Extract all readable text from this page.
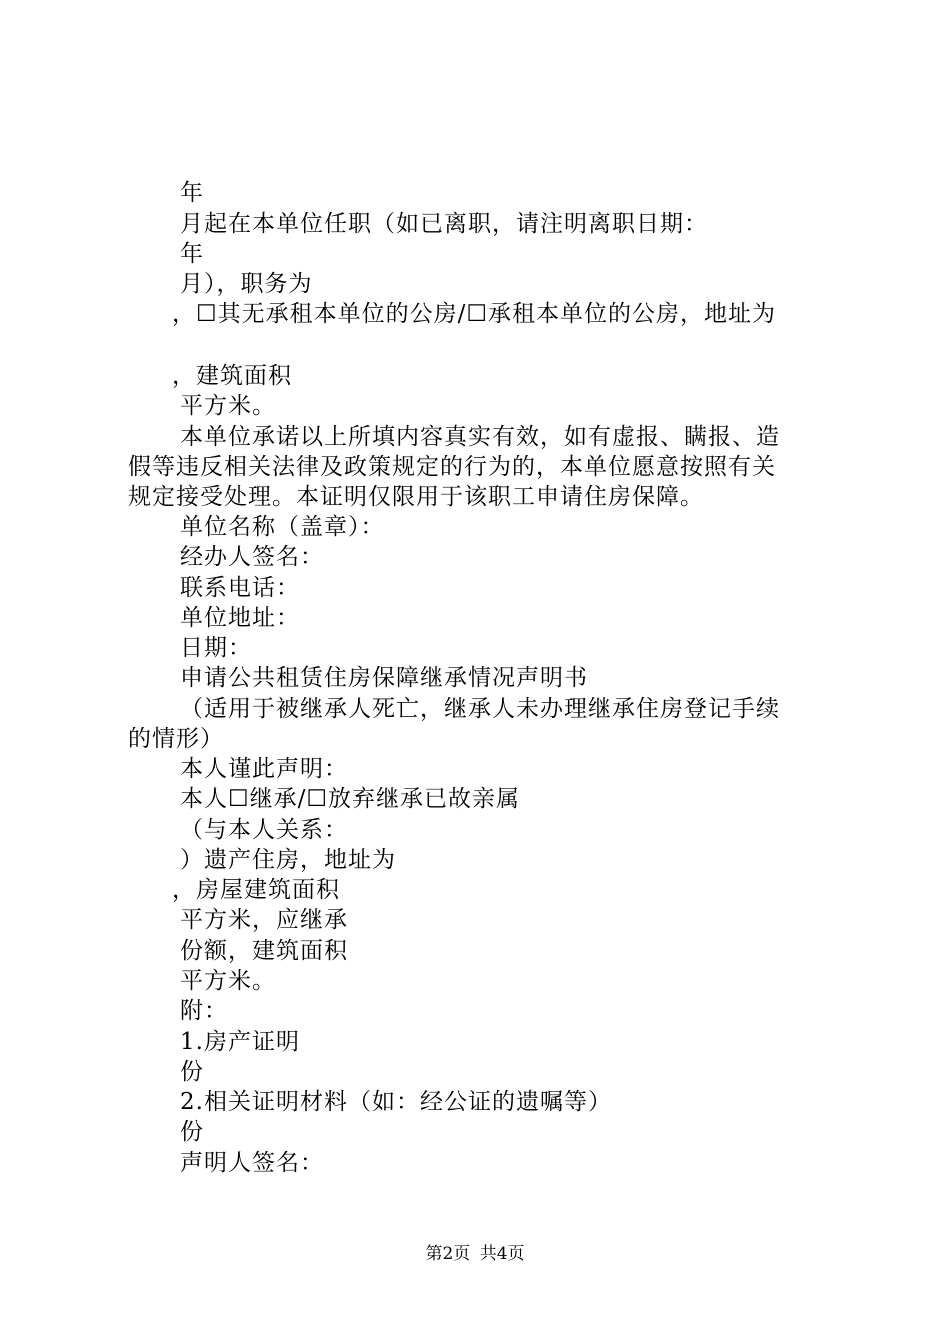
年
月起在本单位任职（如已离职，请注明离职日期：
年
月），职务为
，☐其无承租本单位的公房/☐承租本单位的公房，地址为
，建筑面积
平方米。
本单位承诺以上所填内容真实有效，如有虚报、瞒报、造
假等违反相关法律及政策规定的行为的，本单位愿意按照有关
规定接受处理。本证明仅限用于该职工申请住房保障。
单位名称（盖章）：
经办人签名：
联系电话：
单位地址：
日期：
申请公共租赁住房保障继承情况声明书
（适用于被继承人死亡，继承人未办理继承住房登记手续
的情形）
本人谨此声明：
本人☐继承/☐放弃继承已故亲属
（与本人关系：
）遗产住房，地址为
，房屋建筑面积
平方米，应继承
份额，建筑面积
平方米。
附：
1.房产证明
份
2.相关证明材料（如：经公证的遗嘱等）
份
声明人签名：
第2页 共4页
